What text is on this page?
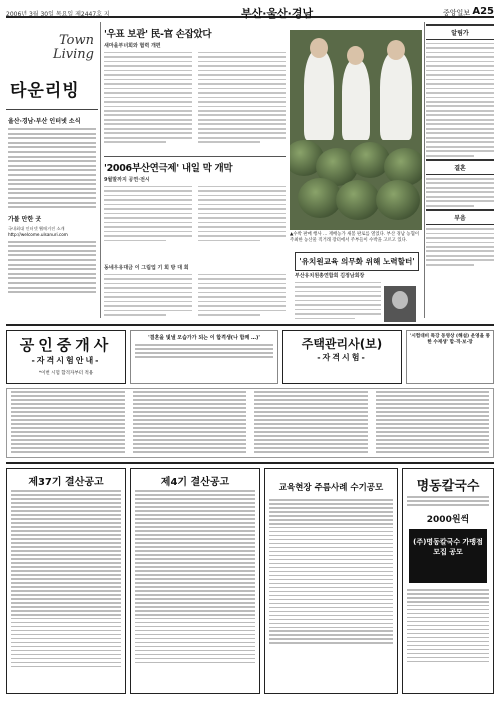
2006년 3월 30일 목요일 제2447호 지	부산·울산·경남	중앙일보 A25
Town
Living
타운리빙
울산·경남·부산 인터넷 소식
가볼 만한 곳
국내최대 인터넷 웹매거진 소개
http://welcome.ulsanuri.com
'우표 보관' 民-官 손잡았다
새마을부녀회와 협력 개편
'2006부산연극제' 내일 막 개막
9월말까지 공연·전시
동네우유대금 이 그림업 기 회 방 대 회
▲수박 판매 행사 … 재배농가 새봄 판로를 열었다. 부산 경남 농협이 주최한 농산물 직거래 장터에서 주부들이 수박을 고르고 있다.
'유치원교육 의무화 위해 노력할터'
부산유치원총연합회 김정남회장
알림가
결혼
부음
공인중개사
-자격시험안내-
*이번 시험 합격자부터 적용
'결혼을 빛낼 모습가가 되는 이 합격생(나 함께 …)'	주택관리사(보)
-자격시험-
'시험대비 특강 동영상 (해설) 운영을 통한 수재생' 합·격·보·장
제37기 결산공고	제4기 결산공고	교육현장 주름사례 수기공모	명동칼국수
2000원씩
(주)명동칼국수 가맹점 모집 공모
